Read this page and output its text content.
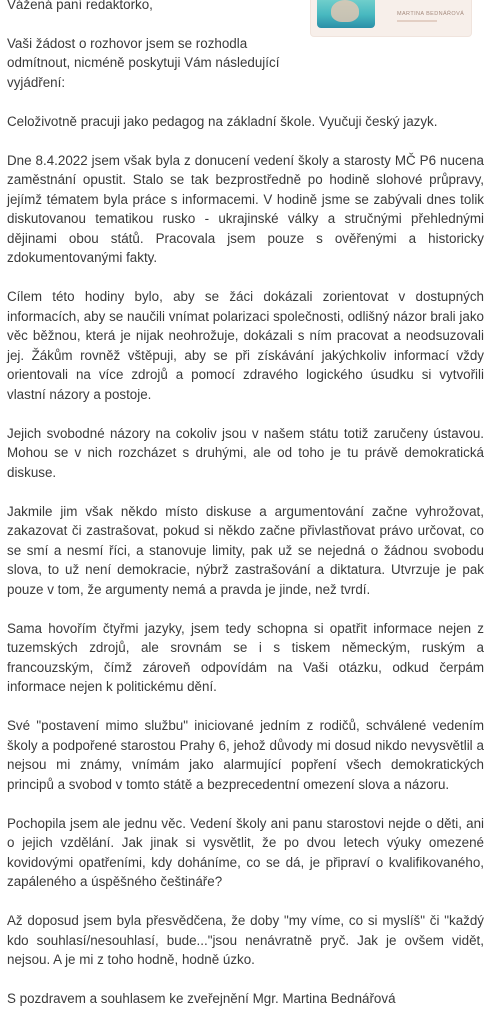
MARTINA BEDNÁŘOVÁ

Vážená paní redaktorko,

Vaši žádost o rozhovor jsem se rozhodla odmítnout, nicméně poskytuji Vám následující vyjádření:

Celoživotně pracuji jako pedagog na základní škole. Vyučuji český jazyk.

Dne 8.4.2022 jsem však byla z donucení vedení školy a starosty MČ P6 nucena zaměstnání opustit. Stalo se tak bezprostředně po hodině slohové průpravy, jejímž tématem byla práce s informacemi. V hodině jsme se zabývali dnes tolik diskutovanou tematikou rusko - ukrajinské války a stručnými přehlednými dějinami obou států. Pracovala jsem pouze s ověřenými a historicky zdokumentovanými fakty.

Cílem této hodiny bylo, aby se žáci dokázali zorientovat v dostupných informacích, aby se naučili vnímat polarizaci společnosti, odlišný názor brali jako věc běžnou, která je nijak neohrožuje, dokázali s ním pracovat a neodsuzovali jej. Žákům rovněž vštěpuji, aby se při získávání jakýchkoliv informací vždy orientovali na více zdrojů a pomocí zdravého logického úsudku si vytvořili vlastní názory a postoje.

Jejich svobodné názory na cokoliv jsou v našem státu totiž zaručeny ústavou. Mohou se v nich rozcházet s druhými, ale od toho je tu právě demokratická diskuse.

Jakmile jim však někdo místo diskuse a argumentování začne vyhrožovat, zakazovat či zastrašovat, pokud si někdo začne přivlastňovat právo určovat, co se smí a nesmí říci, a stanovuje limity, pak už se nejedná o žádnou svobodu slova, to už není demokracie, nýbrž zastrašování a diktatura. Utvrzuje je pak pouze v tom, že argumenty nemá a pravda je jinde, než tvrdí.

Sama hovořím čtyřmi jazyky, jsem tedy schopna si opatřit informace nejen z tuzemských zdrojů, ale srovnám se i s tiskem německým, ruským a francouzským, čímž zároveň odpovídám na Vaši otázku, odkud čerpám informace nejen k politickému dění.

Své "postavení mimo službu" iniciované jedním z rodičů, schválené vedením školy a podpořené starostou Prahy 6, jehož důvody mi dosud nikdo nevysvětlil a nejsou mi známy, vnímám jako alarmující popření všech demokratických principů a svobod v tomto státě a bezprecedentní omezení slova a názoru.

Pochopila jsem ale jednu věc. Vedení školy ani panu starostovi nejde o děti, ani o jejich vzdělání. Jak jinak si vysvětlit, že po dvou letech výuky omezené kovidovými opatřeními, kdy doháníme, co se dá, je připraví o kvalifikovaného, zapáleného a úspěšného češtináře?

Až doposud jsem byla přesvědčena, že doby "my víme, co si myslíš" či "každý kdo souhlasí/nesouhlasí, bude..."jsou nenávratně pryč. Jak je ovšem vidět, nejsou. A je mi z toho hodně, hodně úzko.

S pozdravem a souhlasem ke zveřejnění Mgr. Martina Bednářová
